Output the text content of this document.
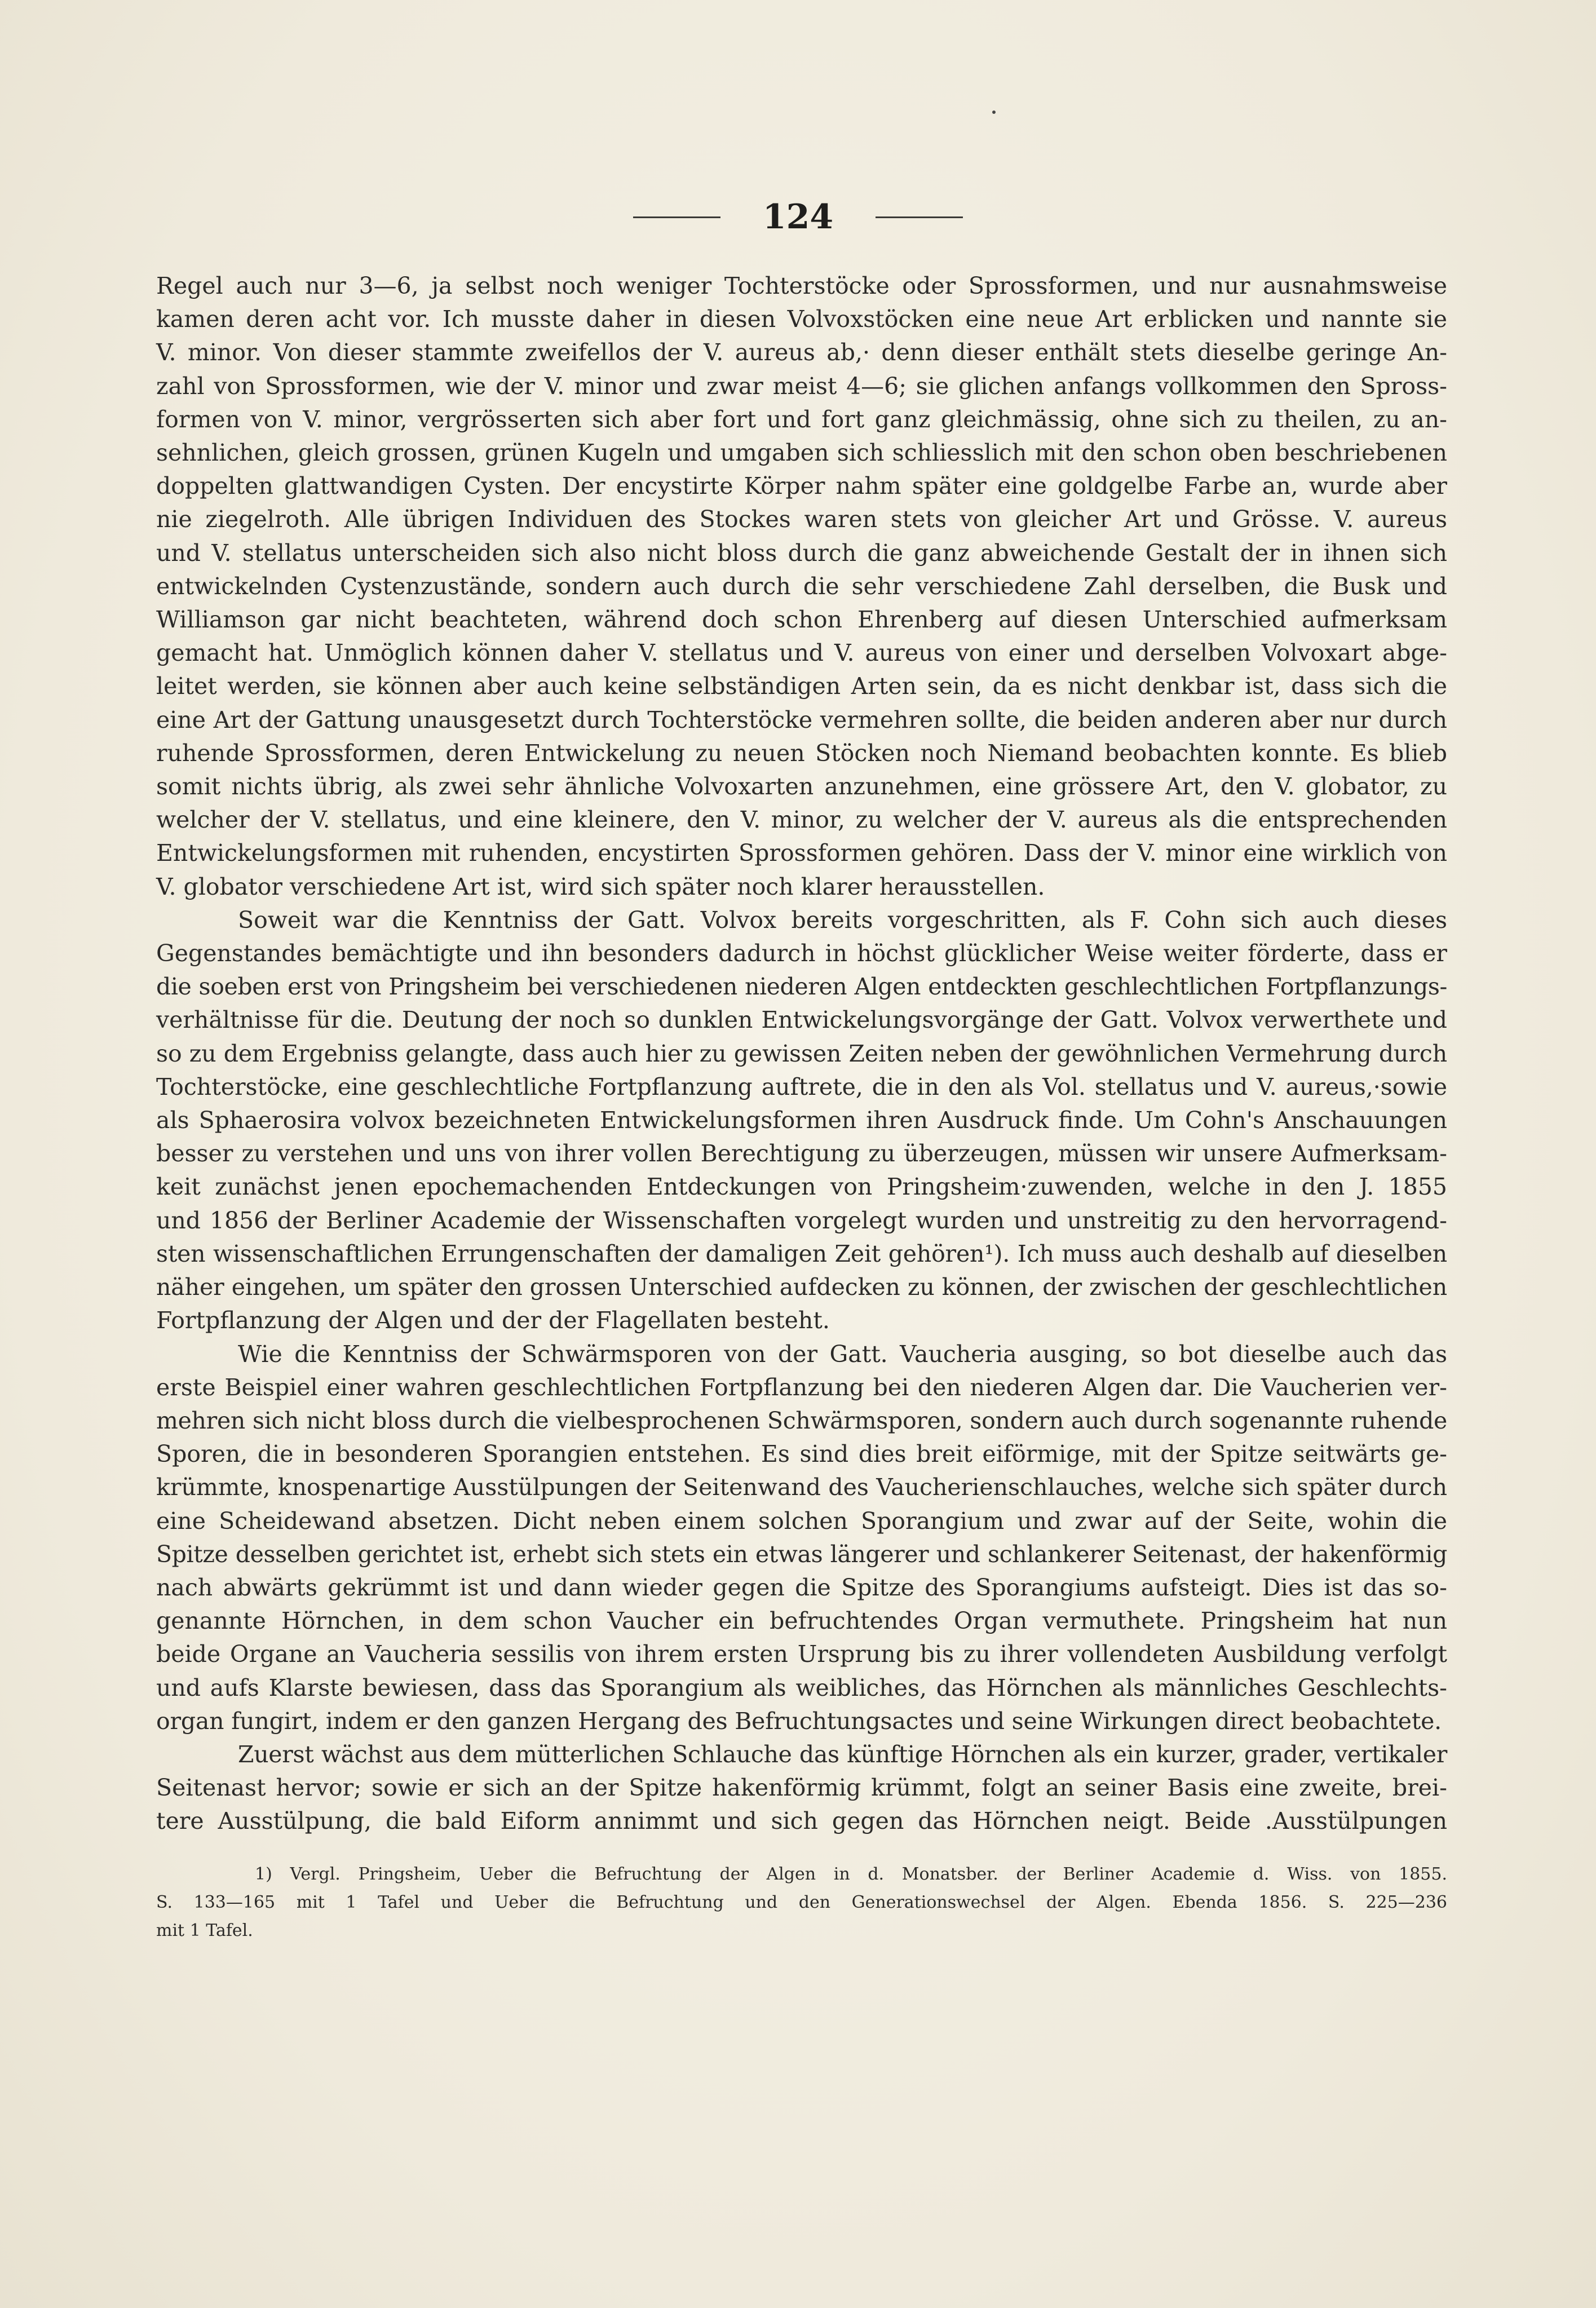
124

Regel auch nur 3—6, ja selbst noch weniger Tochterstöcke oder Sprossformen, und nur ausnahmsweise
kamen deren acht vor. Ich musste daher in diesen Volvoxstöcken eine neue Art erblicken und nannte sie
V. minor. Von dieser stammte zweifellos der V. aureus ab,· denn dieser enthält stets dieselbe geringe An-
zahl von Sprossformen, wie der V. minor und zwar meist 4—6; sie glichen anfangs vollkommen den Spross-
formen von V. minor, vergrösserten sich aber fort und fort ganz gleichmässig, ohne sich zu theilen, zu an-
sehnlichen, gleich grossen, grünen Kugeln und umgaben sich schliesslich mit den schon oben beschriebenen
doppelten glattwandigen Cysten. Der encystirte Körper nahm später eine goldgelbe Farbe an, wurde aber
nie ziegelroth. Alle übrigen Individuen des Stockes waren stets von gleicher Art und Grösse. V. aureus
und V. stellatus unterscheiden sich also nicht bloss durch die ganz abweichende Gestalt der in ihnen sich
entwickelnden Cystenzustände, sondern auch durch die sehr verschiedene Zahl derselben, die Busk und
Williamson gar nicht beachteten, während doch schon Ehrenberg auf diesen Unterschied aufmerksam
gemacht hat. Unmöglich können daher V. stellatus und V. aureus von einer und derselben Volvoxart abge-
leitet werden, sie können aber auch keine selbständigen Arten sein, da es nicht denkbar ist, dass sich die
eine Art der Gattung unausgesetzt durch Tochterstöcke vermehren sollte, die beiden anderen aber nur durch
ruhende Sprossformen, deren Entwickelung zu neuen Stöcken noch Niemand beobachten konnte. Es blieb
somit nichts übrig, als zwei sehr ähnliche Volvoxarten anzunehmen, eine grössere Art, den V. globator, zu
welcher der V. stellatus, und eine kleinere, den V. minor, zu welcher der V. aureus als die entsprechenden
Entwickelungsformen mit ruhenden, encystirten Sprossformen gehören. Dass der V. minor eine wirklich von
V. globator verschiedene Art ist, wird sich später noch klarer herausstellen.

Soweit war die Kenntniss der Gatt. Volvox bereits vorgeschritten, als F. Cohn sich auch dieses
Gegenstandes bemächtigte und ihn besonders dadurch in höchst glücklicher Weise weiter förderte, dass er
die soeben erst von Pringsheim bei verschiedenen niederen Algen entdeckten geschlechtlichen Fortpflanzungs-
verhältnisse für die. Deutung der noch so dunklen Entwickelungsvorgänge der Gatt. Volvox verwerthete und
so zu dem Ergebniss gelangte, dass auch hier zu gewissen Zeiten neben der gewöhnlichen Vermehrung durch
Tochterstöcke, eine geschlechtliche Fortpflanzung auftrete, die in den als Vol. stellatus und V. aureus,·sowie
als Sphaerosira volvox bezeichneten Entwickelungsformen ihren Ausdruck finde. Um Cohn's Anschauungen
besser zu verstehen und uns von ihrer vollen Berechtigung zu überzeugen, müssen wir unsere Aufmerksam-
keit zunächst jenen epochemachenden Entdeckungen von Pringsheim·zuwenden, welche in den J. 1855
und 1856 der Berliner Academie der Wissenschaften vorgelegt wurden und unstreitig zu den hervorragend-
sten wissenschaftlichen Errungenschaften der damaligen Zeit gehören¹). Ich muss auch deshalb auf dieselben
näher eingehen, um später den grossen Unterschied aufdecken zu können, der zwischen der geschlechtlichen
Fortpflanzung der Algen und der der Flagellaten besteht.

Wie die Kenntniss der Schwärmsporen von der Gatt. Vaucheria ausging, so bot dieselbe auch das
erste Beispiel einer wahren geschlechtlichen Fortpflanzung bei den niederen Algen dar. Die Vaucherien ver-
mehren sich nicht bloss durch die vielbesprochenen Schwärmsporen, sondern auch durch sogenannte ruhende
Sporen, die in besonderen Sporangien entstehen. Es sind dies breit eiförmige, mit der Spitze seitwärts ge-
krümmte, knospenartige Ausstülpungen der Seitenwand des Vaucherienschlauches, welche sich später durch
eine Scheidewand absetzen. Dicht neben einem solchen Sporangium und zwar auf der Seite, wohin die
Spitze desselben gerichtet ist, erhebt sich stets ein etwas längerer und schlankerer Seitenast, der hakenförmig
nach abwärts gekrümmt ist und dann wieder gegen die Spitze des Sporangiums aufsteigt. Dies ist das so-
genannte Hörnchen, in dem schon Vaucher ein befruchtendes Organ vermuthete. Pringsheim hat nun
beide Organe an Vaucheria sessilis von ihrem ersten Ursprung bis zu ihrer vollendeten Ausbildung verfolgt
und aufs Klarste bewiesen, dass das Sporangium als weibliches, das Hörnchen als männliches Geschlechts-
organ fungirt, indem er den ganzen Hergang des Befruchtungsactes und seine Wirkungen direct beobachtete.

Zuerst wächst aus dem mütterlichen Schlauche das künftige Hörnchen als ein kurzer, grader, vertikaler
Seitenast hervor; sowie er sich an der Spitze hakenförmig krümmt, folgt an seiner Basis eine zweite, brei-
tere Ausstülpung, die bald Eiform annimmt und sich gegen das Hörnchen neigt. Beide .Ausstülpungen

1) Vergl. Pringsheim, Ueber die Befruchtung der Algen in d. Monatsber. der Berliner Academie d. Wiss. von 1855.
S. 133—165 mit 1 Tafel und Ueber die Befruchtung und den Generationswechsel der Algen. Ebenda 1856. S. 225—236
mit 1 Tafel.
